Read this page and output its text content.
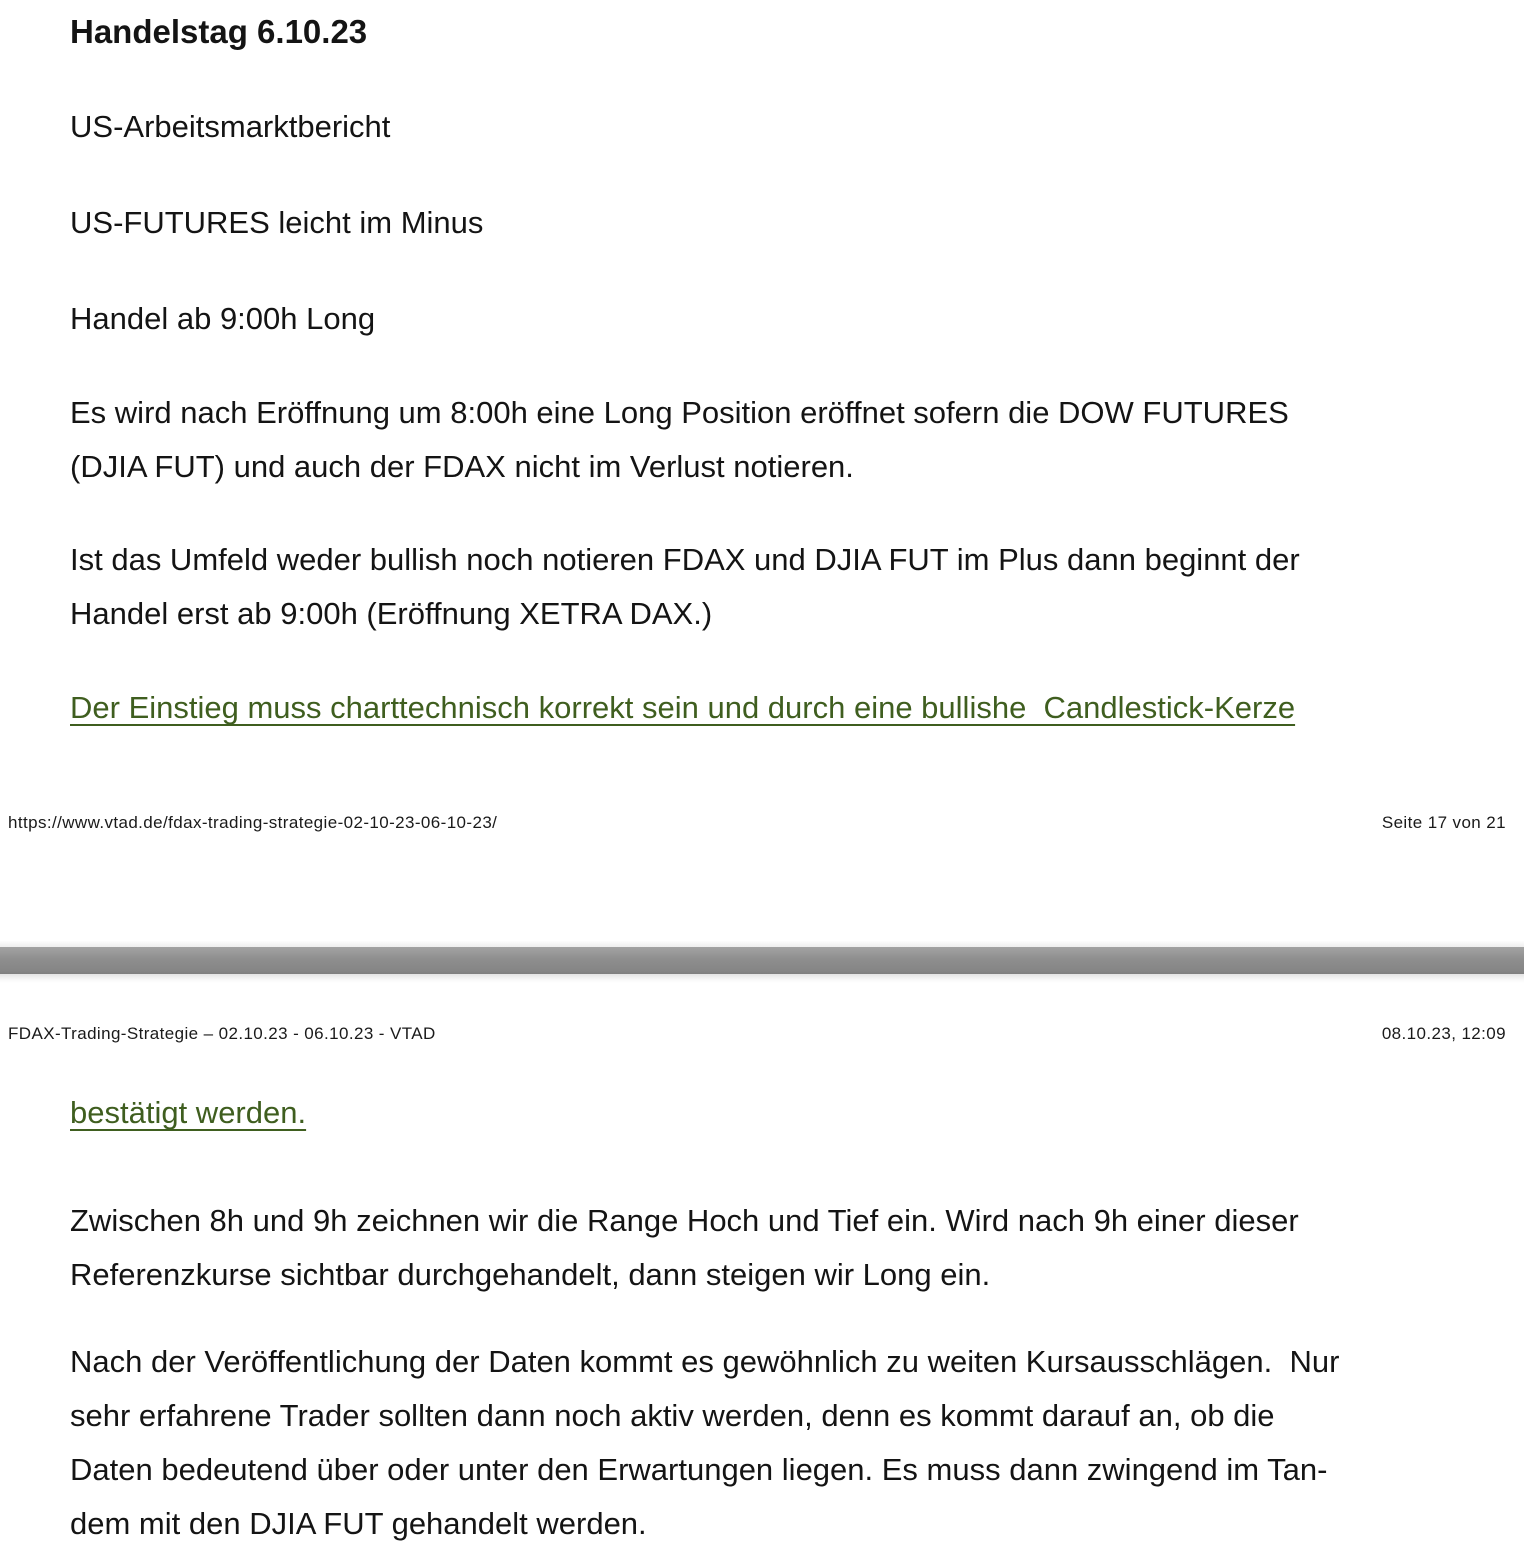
Handelstag 6.10.23
US-Arbeitsmarktbericht
US-FUTURES leicht im Minus
Handel ab 9:00h Long
Es wird nach Eröffnung um 8:00h eine Long Position eröffnet sofern die DOW FUTURES
(DJIA FUT) und auch der FDAX nicht im Verlust notieren.
Ist das Umfeld weder bullish noch notieren FDAX und DJIA FUT im Plus dann beginnt der
Handel erst ab 9:00h (Eröffnung XETRA DAX.)
Der Einstieg muss charttechnisch korrekt sein und durch eine bullishe  Candlestick-Kerze
https://www.vtad.de/fdax-trading-strategie-02-10-23-06-10-23/	Seite 17 von 21
FDAX-Trading-Strategie – 02.10.23 - 06.10.23 - VTAD	08.10.23, 12:09
bestätigt werden.
Zwischen 8h und 9h zeichnen wir die Range Hoch und Tief ein. Wird nach 9h einer dieser
Referenzkurse sichtbar durchgehandelt, dann steigen wir Long ein.
Nach der Veröffentlichung der Daten kommt es gewöhnlich zu weiten Kursausschlägen.  Nur
sehr erfahrene Trader sollten dann noch aktiv werden, denn es kommt darauf an, ob die
Daten bedeutend über oder unter den Erwartungen liegen. Es muss dann zwingend im Tan-
dem mit den DJIA FUT gehandelt werden.
